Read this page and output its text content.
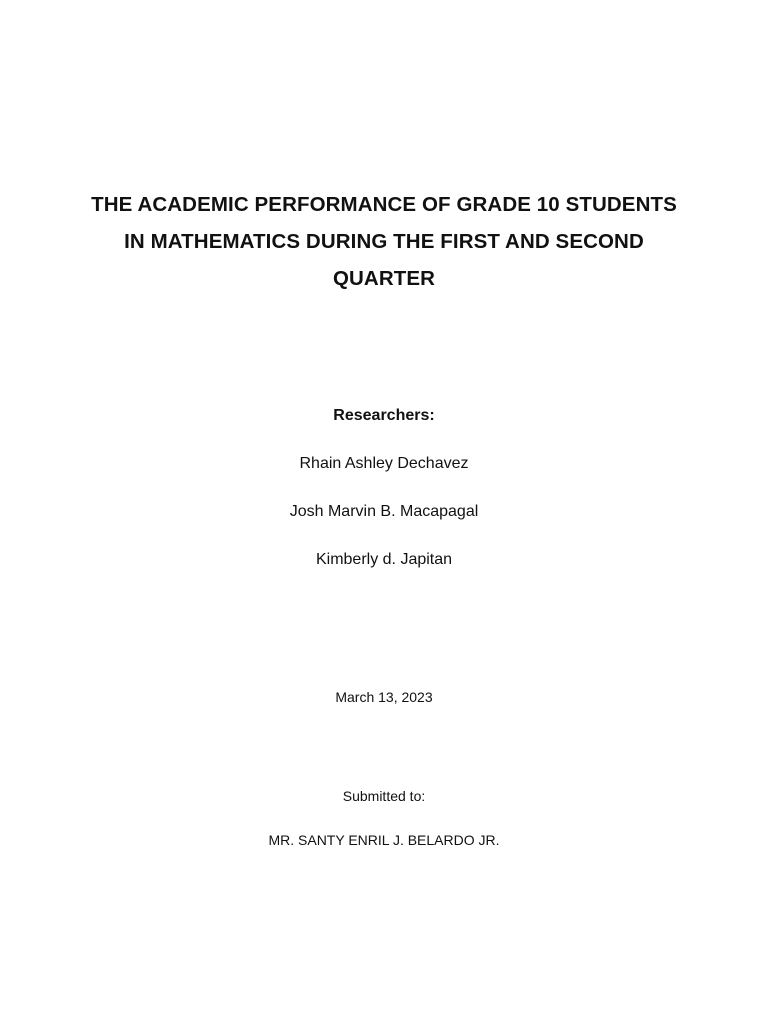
THE ACADEMIC PERFORMANCE OF GRADE 10 STUDENTS
IN MATHEMATICS DURING THE FIRST AND SECOND
QUARTER
Researchers:
Rhain Ashley Dechavez
Josh Marvin B. Macapagal
Kimberly d. Japitan
March 13, 2023
Submitted to:
MR. SANTY ENRIL J. BELARDO JR.
